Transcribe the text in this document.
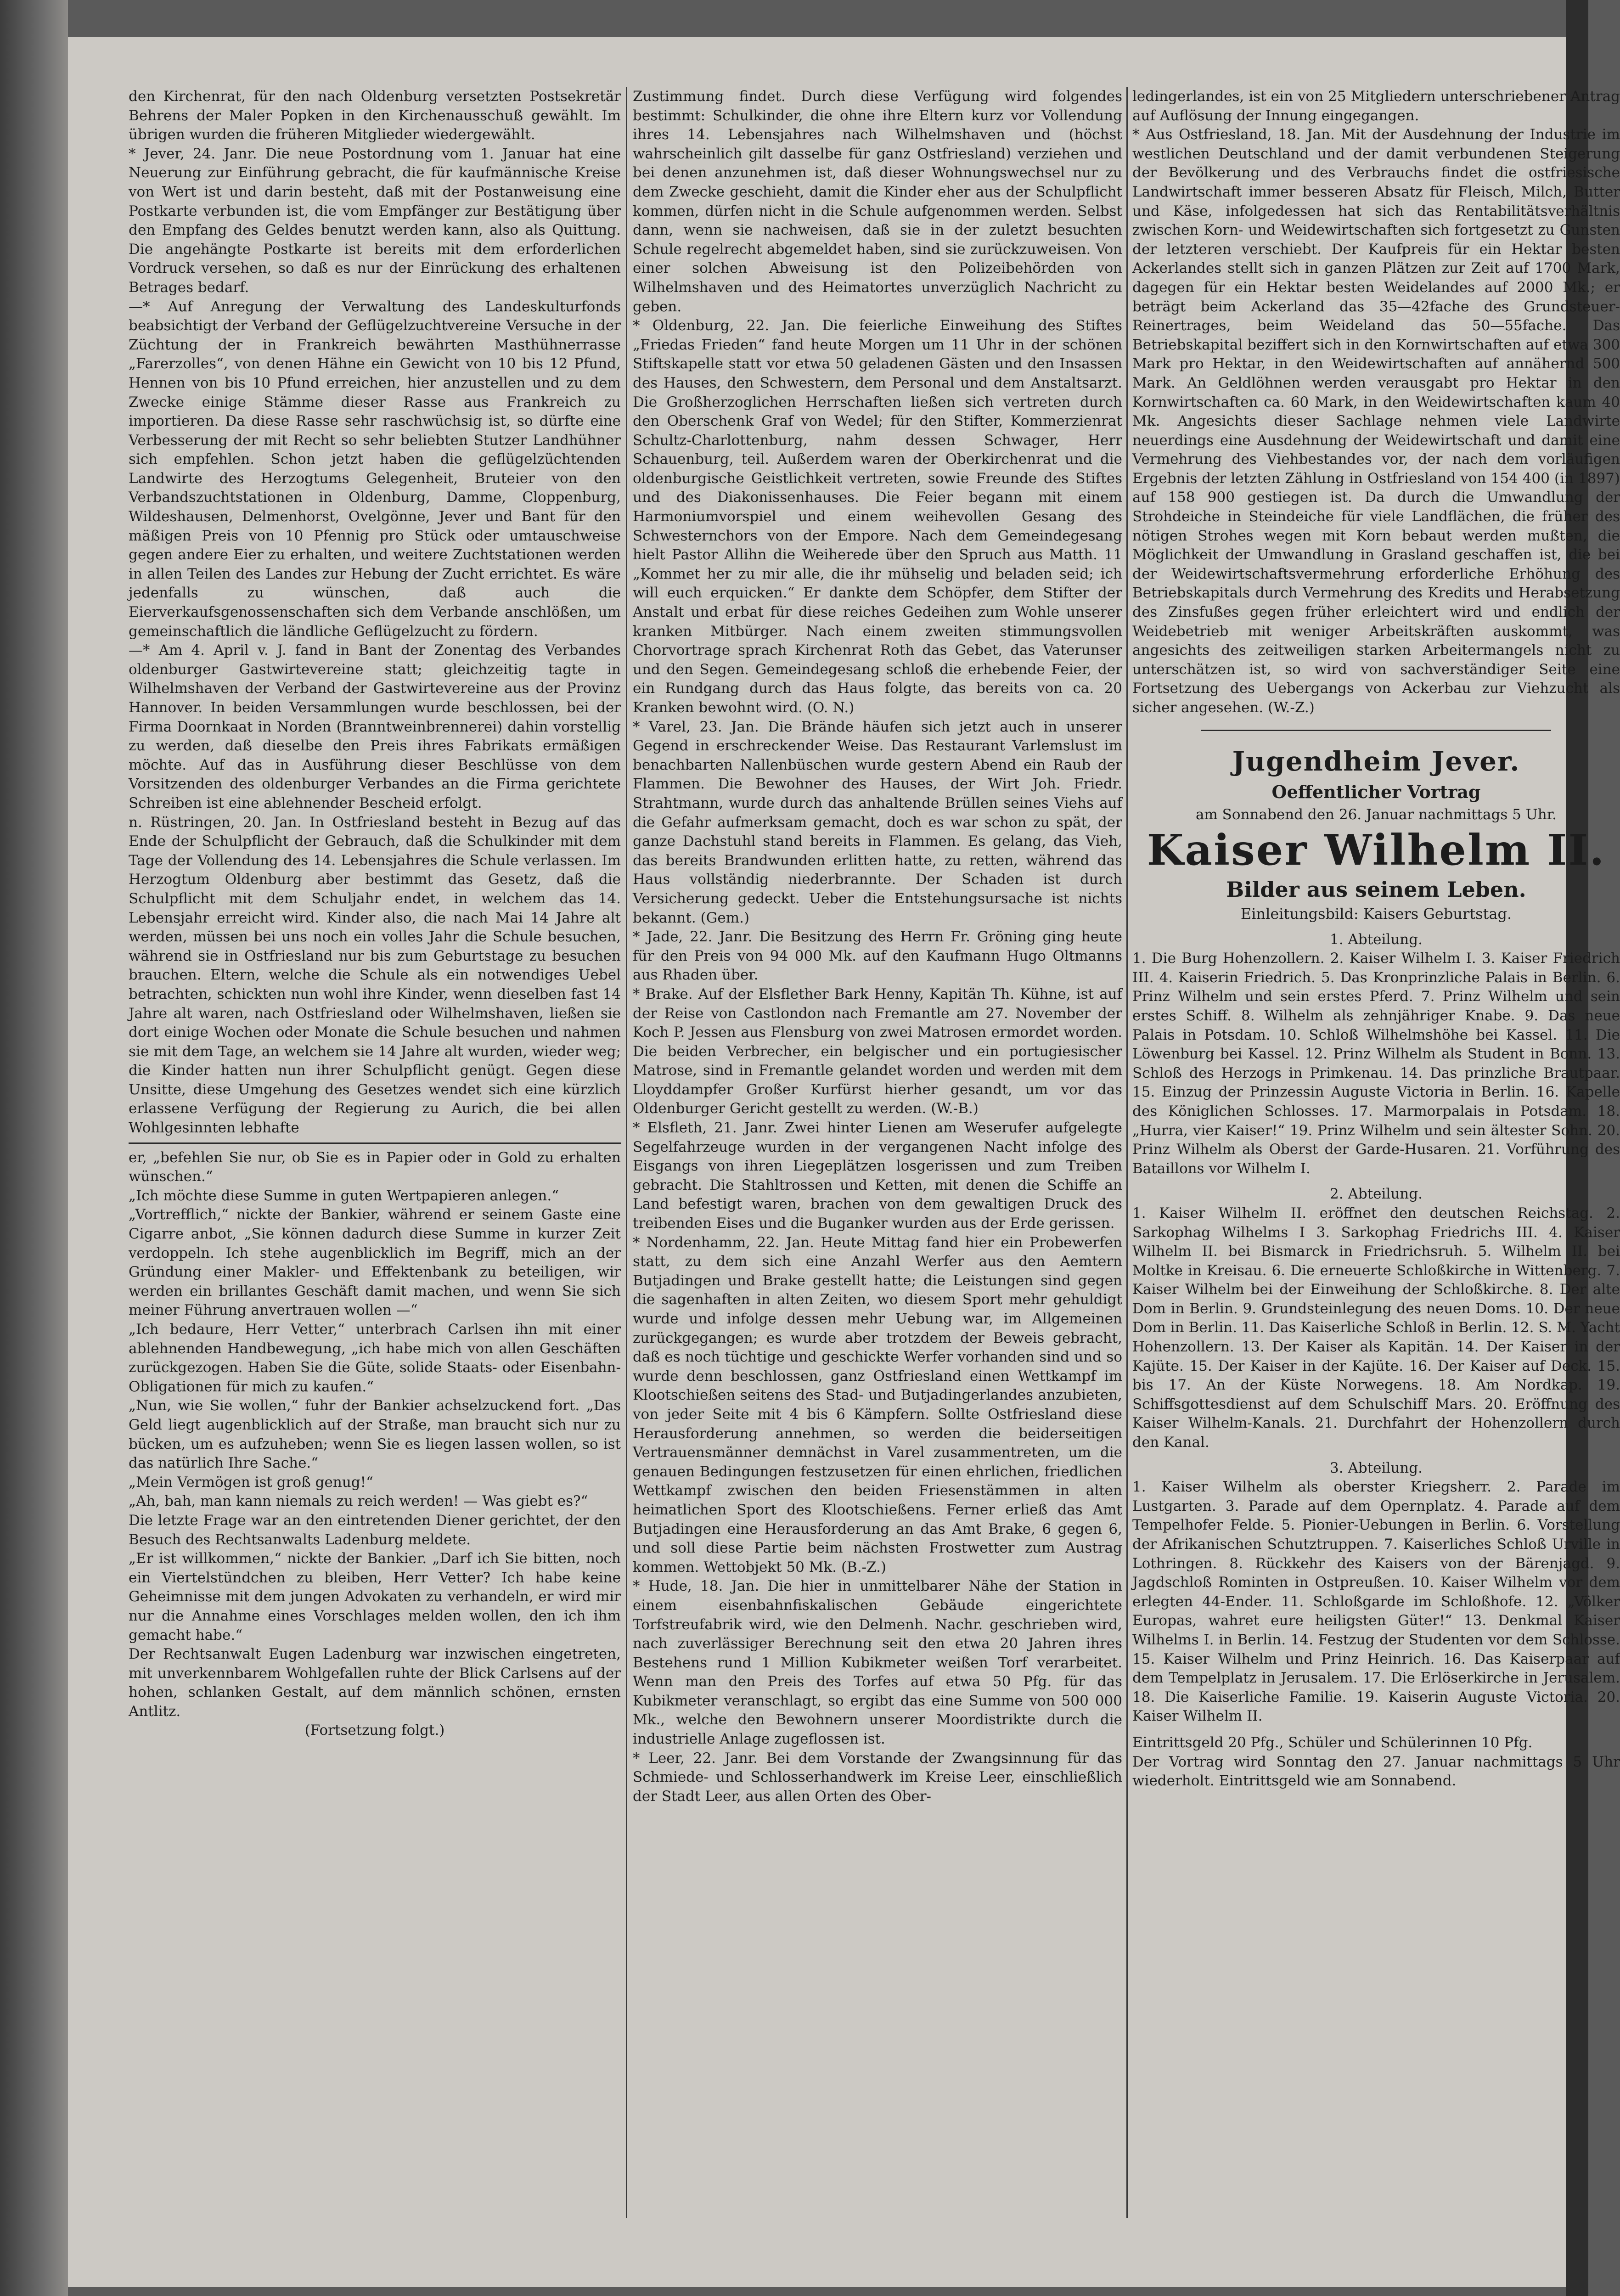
den Kirchenrat, für den nach Oldenburg versetzten Postsekretär Behrens der Maler Popken in den Kirchenausschuß gewählt. Im übrigen wurden die früheren Mitglieder wiedergewählt.

* Jever, 24. Janr. Die neue Postordnung vom 1. Januar hat eine Neuerung zur Einführung gebracht, die für kaufmännische Kreise von Wert ist und darin besteht, daß mit der Postanweisung eine Postkarte verbunden ist, die vom Empfänger zur Bestätigung über den Empfang des Geldes benutzt werden kann, also als Quittung. Die angehängte Postkarte ist bereits mit dem erforderlichen Vordruck versehen, so daß es nur der Einrückung des erhaltenen Betrages bedarf.

—* Auf Anregung der Verwaltung des Landeskulturfonds beabsichtigt der Verband der Geflügelzuchtvereine Versuche in der Züchtung der in Frankreich bewährten Masthühnerrasse „Farerzolles“, von denen Hähne ein Gewicht von 10 bis 12 Pfund, Hennen von bis 10 Pfund erreichen, hier anzustellen und zu dem Zwecke einige Stämme dieser Rasse aus Frankreich zu importieren. Da diese Rasse sehr raschwüchsig ist, so dürfte eine Verbesserung der mit Recht so sehr beliebten Stutzer Landhühner sich empfehlen. Schon jetzt haben die geflügelzüchtenden Landwirte des Herzogtums Gelegenheit, Bruteier von den Verbandszuchtstationen in Oldenburg, Damme, Cloppenburg, Wildeshausen, Delmenhorst, Ovelgönne, Jever und Bant für den mäßigen Preis von 10 Pfennig pro Stück oder umtauschweise gegen andere Eier zu erhalten, und weitere Zuchtstationen werden in allen Teilen des Landes zur Hebung der Zucht errichtet. Es wäre jedenfalls zu wünschen, daß auch die Eierverkaufsgenossenschaften sich dem Verbande anschlößen, um gemeinschaftlich die ländliche Geflügelzucht zu fördern.

—* Am 4. April v. J. fand in Bant der Zonentag des Verbandes oldenburger Gastwirtevereine statt; gleichzeitig tagte in Wilhelmshaven der Verband der Gastwirtevereine aus der Provinz Hannover. In beiden Versammlungen wurde beschlossen, bei der Firma Doornkaat in Norden (Branntweinbrennerei) dahin vorstellig zu werden, daß dieselbe den Preis ihres Fabrikats ermäßigen möchte. Auf das in Ausführung dieser Beschlüsse von dem Vorsitzenden des oldenburger Verbandes an die Firma gerichtete Schreiben ist eine ablehnender Bescheid erfolgt.

n. Rüstringen, 20. Jan. In Ostfriesland besteht in Bezug auf das Ende der Schulpflicht der Gebrauch, daß die Schulkinder mit dem Tage der Vollendung des 14. Lebensjahres die Schule verlassen. Im Herzogtum Oldenburg aber bestimmt das Gesetz, daß die Schulpflicht mit dem Schuljahr endet, in welchem das 14. Lebensjahr erreicht wird. Kinder also, die nach Mai 14 Jahre alt werden, müssen bei uns noch ein volles Jahr die Schule besuchen, während sie in Ostfriesland nur bis zum Geburtstage zu besuchen brauchen. Eltern, welche die Schule als ein notwendiges Uebel betrachten, schickten nun wohl ihre Kinder, wenn dieselben fast 14 Jahre alt waren, nach Ostfriesland oder Wilhelmshaven, ließen sie dort einige Wochen oder Monate die Schule besuchen und nahmen sie mit dem Tage, an welchem sie 14 Jahre alt wurden, wieder weg; die Kinder hatten nun ihrer Schulpflicht genügt. Gegen diese Unsitte, diese Umgehung des Gesetzes wendet sich eine kürzlich erlassene Verfügung der Regierung zu Aurich, die bei allen Wohlgesinnten lebhafte

er, „befehlen Sie nur, ob Sie es in Papier oder in Gold zu erhalten wünschen.“

„Ich möchte diese Summe in guten Wertpapieren anlegen.“

„Vortrefflich,“ nickte der Bankier, während er seinem Gaste eine Cigarre anbot, „Sie können dadurch diese Summe in kurzer Zeit verdoppeln. Ich stehe augenblicklich im Begriff, mich an der Gründung einer Makler- und Effektenbank zu beteiligen, wir werden ein brillantes Geschäft damit machen, und wenn Sie sich meiner Führung anvertrauen wollen —“

„Ich bedaure, Herr Vetter,“ unterbrach Carlsen ihn mit einer ablehnenden Handbewegung, „ich habe mich von allen Geschäften zurückgezogen. Haben Sie die Güte, solide Staats- oder Eisenbahn-Obligationen für mich zu kaufen.“

„Nun, wie Sie wollen,“ fuhr der Bankier achselzuckend fort. „Das Geld liegt augenblicklich auf der Straße, man braucht sich nur zu bücken, um es aufzuheben; wenn Sie es liegen lassen wollen, so ist das natürlich Ihre Sache.“

„Mein Vermögen ist groß genug!“

„Ah, bah, man kann niemals zu reich werden! — Was giebt es?“

Die letzte Frage war an den eintretenden Diener gerichtet, der den Besuch des Rechtsanwalts Ladenburg meldete.

„Er ist willkommen,“ nickte der Bankier. „Darf ich Sie bitten, noch ein Viertelstündchen zu bleiben, Herr Vetter? Ich habe keine Geheimnisse mit dem jungen Advokaten zu verhandeln, er wird mir nur die Annahme eines Vorschlages melden wollen, den ich ihm gemacht habe.“

Der Rechtsanwalt Eugen Ladenburg war inzwischen eingetreten, mit unverkennbarem Wohlgefallen ruhte der Blick Carlsens auf der hohen, schlanken Gestalt, auf dem männlich schönen, ernsten Antlitz.

(Fortsetzung folgt.)

Zustimmung findet. Durch diese Verfügung wird folgendes bestimmt: Schulkinder, die ohne ihre Eltern kurz vor Vollendung ihres 14. Lebensjahres nach Wilhelmshaven und (höchst wahrscheinlich gilt dasselbe für ganz Ostfriesland) verziehen und bei denen anzunehmen ist, daß dieser Wohnungswechsel nur zu dem Zwecke geschieht, damit die Kinder eher aus der Schulpflicht kommen, dürfen nicht in die Schule aufgenommen werden. Selbst dann, wenn sie nachweisen, daß sie in der zuletzt besuchten Schule regelrecht abgemeldet haben, sind sie zurückzuweisen. Von einer solchen Abweisung ist den Polizeibehörden von Wilhelmshaven und des Heimatortes unverzüglich Nachricht zu geben.

* Oldenburg, 22. Jan. Die feierliche Einweihung des Stiftes „Friedas Frieden“ fand heute Morgen um 11 Uhr in der schönen Stiftskapelle statt vor etwa 50 geladenen Gästen und den Insassen des Hauses, den Schwestern, dem Personal und dem Anstaltsarzt. Die Großherzoglichen Herrschaften ließen sich vertreten durch den Oberschenk Graf von Wedel; für den Stifter, Kommerzienrat Schultz-Charlottenburg, nahm dessen Schwager, Herr Schauenburg, teil. Außerdem waren der Oberkirchenrat und die oldenburgische Geistlichkeit vertreten, sowie Freunde des Stiftes und des Diakonissenhauses. Die Feier begann mit einem Harmoniumvorspiel und einem weihevollen Gesang des Schwesternchors von der Empore. Nach dem Gemeindegesang hielt Pastor Allihn die Weiherede über den Spruch aus Matth. 11 „Kommet her zu mir alle, die ihr mühselig und beladen seid; ich will euch erquicken.“ Er dankte dem Schöpfer, dem Stifter der Anstalt und erbat für diese reiches Gedeihen zum Wohle unserer kranken Mitbürger. Nach einem zweiten stimmungsvollen Chorvortrage sprach Kirchenrat Roth das Gebet, das Vaterunser und den Segen. Gemeindegesang schloß die erhebende Feier, der ein Rundgang durch das Haus folgte, das bereits von ca. 20 Kranken bewohnt wird. (O. N.)

* Varel, 23. Jan. Die Brände häufen sich jetzt auch in unserer Gegend in erschreckender Weise. Das Restaurant Varlemslust im benachbarten Nallenbüschen wurde gestern Abend ein Raub der Flammen. Die Bewohner des Hauses, der Wirt Joh. Friedr. Strahtmann, wurde durch das anhaltende Brüllen seines Viehs auf die Gefahr aufmerksam gemacht, doch es war schon zu spät, der ganze Dachstuhl stand bereits in Flammen. Es gelang, das Vieh, das bereits Brandwunden erlitten hatte, zu retten, während das Haus vollständig niederbrannte. Der Schaden ist durch Versicherung gedeckt. Ueber die Entstehungsursache ist nichts bekannt. (Gem.)

* Jade, 22. Janr. Die Besitzung des Herrn Fr. Gröning ging heute für den Preis von 94 000 Mk. auf den Kaufmann Hugo Oltmanns aus Rhaden über.

* Brake. Auf der Elsflether Bark Henny, Kapitän Th. Kühne, ist auf der Reise von Castlondon nach Fremantle am 27. November der Koch P. Jessen aus Flensburg von zwei Matrosen ermordet worden. Die beiden Verbrecher, ein belgischer und ein portugiesischer Matrose, sind in Fremantle gelandet worden und werden mit dem Lloyddampfer Großer Kurfürst hierher gesandt, um vor das Oldenburger Gericht gestellt zu werden. (W.-B.)

* Elsfleth, 21. Janr. Zwei hinter Lienen am Weserufer aufgelegte Segelfahrzeuge wurden in der vergangenen Nacht infolge des Eisgangs von ihren Liegeplätzen losgerissen und zum Treiben gebracht. Die Stahltrossen und Ketten, mit denen die Schiffe an Land befestigt waren, brachen von dem gewaltigen Druck des treibenden Eises und die Buganker wurden aus der Erde gerissen.

* Nordenhamm, 22. Jan. Heute Mittag fand hier ein Probewerfen statt, zu dem sich eine Anzahl Werfer aus den Aemtern Butjadingen und Brake gestellt hatte; die Leistungen sind gegen die sagenhaften in alten Zeiten, wo diesem Sport mehr gehuldigt wurde und infolge dessen mehr Uebung war, im Allgemeinen zurückgegangen; es wurde aber trotzdem der Beweis gebracht, daß es noch tüchtige und geschickte Werfer vorhanden sind und so wurde denn beschlossen, ganz Ostfriesland einen Wettkampf im Klootschießen seitens des Stad- und Butjadingerlandes anzubieten, von jeder Seite mit 4 bis 6 Kämpfern. Sollte Ostfriesland diese Herausforderung annehmen, so werden die beiderseitigen Vertrauensmänner demnächst in Varel zusammentreten, um die genauen Bedingungen festzusetzen für einen ehrlichen, friedlichen Wettkampf zwischen den beiden Friesenstämmen in alten heimatlichen Sport des Klootschießens. Ferner erließ das Amt Butjadingen eine Herausforderung an das Amt Brake, 6 gegen 6, und soll diese Partie beim nächsten Frostwetter zum Austrag kommen. Wettobjekt 50 Mk. (B.-Z.)

* Hude, 18. Jan. Die hier in unmittelbarer Nähe der Station in einem eisenbahnfiskalischen Gebäude eingerichtete Torfstreufabrik wird, wie den Delmenh. Nachr. geschrieben wird, nach zuverlässiger Berechnung seit den etwa 20 Jahren ihres Bestehens rund 1 Million Kubikmeter weißen Torf verarbeitet. Wenn man den Preis des Torfes auf etwa 50 Pfg. für das Kubikmeter veranschlagt, so ergibt das eine Summe von 500 000 Mk., welche den Bewohnern unserer Moordistrikte durch die industrielle Anlage zugeflossen ist.

* Leer, 22. Janr. Bei dem Vorstande der Zwangsinnung für das Schmiede- und Schlosserhandwerk im Kreise Leer, einschließlich der Stadt Leer, aus allen Orten des Ober-

ledingerlandes, ist ein von 25 Mitgliedern unterschriebener Antrag auf Auflösung der Innung eingegangen.

* Aus Ostfriesland, 18. Jan. Mit der Ausdehnung der Industrie im westlichen Deutschland und der damit verbundenen Steigerung der Bevölkerung und des Verbrauchs findet die ostfriesische Landwirtschaft immer besseren Absatz für Fleisch, Milch, Butter und Käse, infolgedessen hat sich das Rentabilitätsverhältnis zwischen Korn- und Weidewirtschaften sich fortgesetzt zu Gunsten der letzteren verschiebt. Der Kaufpreis für ein Hektar besten Ackerlandes stellt sich in ganzen Plätzen zur Zeit auf 1700 Mark, dagegen für ein Hektar besten Weidelandes auf 2000 Mk.; er beträgt beim Ackerland das 35—42fache des Grundsteuer-Reinertrages, beim Weideland das 50—55fache. Das Betriebskapital beziffert sich in den Kornwirtschaften auf etwa 300 Mark pro Hektar, in den Weidewirtschaften auf annähernd 500 Mark. An Geldlöhnen werden verausgabt pro Hektar in den Kornwirtschaften ca. 60 Mark, in den Weidewirtschaften kaum 40 Mk. Angesichts dieser Sachlage nehmen viele Landwirte neuerdings eine Ausdehnung der Weidewirtschaft und damit eine Vermehrung des Viehbestandes vor, der nach dem vorläufigen Ergebnis der letzten Zählung in Ostfriesland von 154 400 (in 1897) auf 158 900 gestiegen ist. Da durch die Umwandlung der Strohdeiche in Steindeiche für viele Landflächen, die früher des nötigen Strohes wegen mit Korn bebaut werden mußten, die Möglichkeit der Umwandlung in Grasland geschaffen ist, die bei der Weidewirtschaftsvermehrung erforderliche Erhöhung des Betriebskapitals durch Vermehrung des Kredits und Herabsetzung des Zinsfußes gegen früher erleichtert wird und endlich der Weidebetrieb mit weniger Arbeitskräften auskommt, was angesichts des zeitweiligen starken Arbeitermangels nicht zu unterschätzen ist, so wird von sachverständiger Seite eine Fortsetzung des Uebergangs von Ackerbau zur Viehzucht als sicher angesehen. (W.-Z.)

Jugendheim Jever.
Oeffentlicher Vortrag
am Sonnabend den 26. Januar nachmittags 5 Uhr.
Kaiser Wilhelm II.
Bilder aus seinem Leben.
Einleitungsbild: Kaisers Geburtstag.
1. Abteilung.

1. Die Burg Hohenzollern. 2. Kaiser Wilhelm I. 3. Kaiser Friedrich III. 4. Kaiserin Friedrich. 5. Das Kronprinzliche Palais in Berlin. 6. Prinz Wilhelm und sein erstes Pferd. 7. Prinz Wilhelm und sein erstes Schiff. 8. Wilhelm als zehnjähriger Knabe. 9. Das neue Palais in Potsdam. 10. Schloß Wilhelmshöhe bei Kassel. 11. Die Löwenburg bei Kassel. 12. Prinz Wilhelm als Student in Bonn. 13. Schloß des Herzogs in Primkenau. 14. Das prinzliche Brautpaar. 15. Einzug der Prinzessin Auguste Victoria in Berlin. 16. Kapelle des Königlichen Schlosses. 17. Marmorpalais in Potsdam. 18. „Hurra, vier Kaiser!“ 19. Prinz Wilhelm und sein ältester Sohn. 20. Prinz Wilhelm als Oberst der Garde-Husaren. 21. Vorführung des Bataillons vor Wilhelm I.

2. Abteilung.

1. Kaiser Wilhelm II. eröffnet den deutschen Reichstag. 2. Sarkophag Wilhelms I 3. Sarkophag Friedrichs III. 4. Kaiser Wilhelm II. bei Bismarck in Friedrichsruh. 5. Wilhelm II. bei Moltke in Kreisau. 6. Die erneuerte Schloßkirche in Wittenberg. 7. Kaiser Wilhelm bei der Einweihung der Schloßkirche. 8. Der alte Dom in Berlin. 9. Grundsteinlegung des neuen Doms. 10. Der neue Dom in Berlin. 11. Das Kaiserliche Schloß in Berlin. 12. S. M. Yacht Hohenzollern. 13. Der Kaiser als Kapitän. 14. Der Kaiser in der Kajüte. 15. Der Kaiser in der Kajüte. 16. Der Kaiser auf Deck. 15. bis 17. An der Küste Norwegens. 18. Am Nordkap. 19. Schiffsgottesdienst auf dem Schulschiff Mars. 20. Eröffnung des Kaiser Wilhelm-Kanals. 21. Durchfahrt der Hohenzollern durch den Kanal.

3. Abteilung.

1. Kaiser Wilhelm als oberster Kriegsherr. 2. Parade im Lustgarten. 3. Parade auf dem Opernplatz. 4. Parade auf dem Tempelhofer Felde. 5. Pionier-Uebungen in Berlin. 6. Vorstellung der Afrikanischen Schutztruppen. 7. Kaiserliches Schloß Urville in Lothringen. 8. Rückkehr des Kaisers von der Bärenjagd. 9. Jagdschloß Rominten in Ostpreußen. 10. Kaiser Wilhelm vor dem erlegten 44-Ender. 11. Schloßgarde im Schloßhofe. 12. „Völker Europas, wahret eure heiligsten Güter!“ 13. Denkmal Kaiser Wilhelms I. in Berlin. 14. Festzug der Studenten vor dem Schlosse. 15. Kaiser Wilhelm und Prinz Heinrich. 16. Das Kaiserpaar auf dem Tempelplatz in Jerusalem. 17. Die Erlöserkirche in Jerusalem. 18. Die Kaiserliche Familie. 19. Kaiserin Auguste Victoria. 20. Kaiser Wilhelm II.

Eintrittsgeld 20 Pfg., Schüler und Schülerinnen 10 Pfg.

Der Vortrag wird Sonntag den 27. Januar nachmittags 5 Uhr wiederholt. Eintrittsgeld wie am Sonnabend.
